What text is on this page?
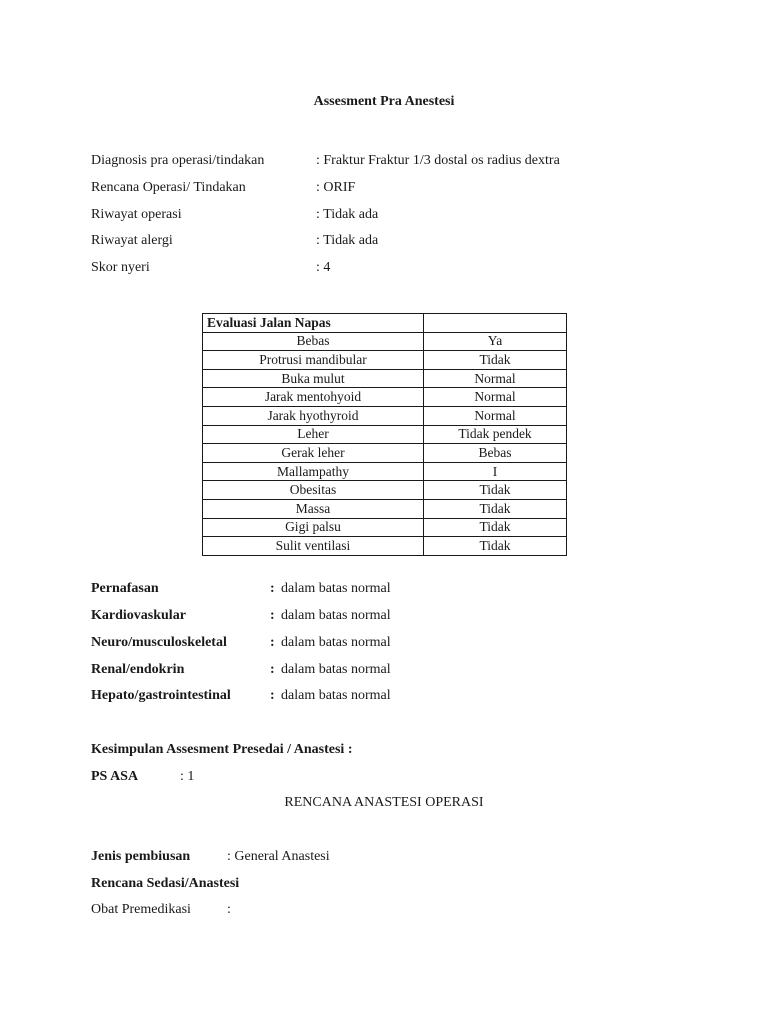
Assesment Pra Anestesi
Diagnosis pra operasi/tindakan	: Fraktur Fraktur 1/3 dostal os radius dextra
Rencana Operasi/ Tindakan	: ORIF
Riwayat operasi	: Tidak ada
Riwayat alergi	: Tidak ada
Skor nyeri	: 4
Evaluasi Jalan Napas	
Bebas	Ya
Protrusi mandibular	Tidak
Buka mulut	Normal
Jarak mentohyoid	Normal
Jarak hyothyroid	Normal
Leher	Tidak pendek
Gerak leher	Bebas
Mallampathy	I
Obesitas	Tidak
Massa	Tidak
Gigi palsu	Tidak
Sulit ventilasi	Tidak
Pernafasan	: dalam batas normal
Kardiovaskular	: dalam batas normal
Neuro/musculoskeletal	: dalam batas normal
Renal/endokrin	: dalam batas normal
Hepato/gastrointestinal	: dalam batas normal
Kesimpulan Assesment Presedai / Anastesi :
PS ASA	: 1
RENCANA ANASTESI OPERASI
Jenis pembiusan	: General Anastesi
Rencana Sedasi/Anastesi
Obat Premedikasi	:
